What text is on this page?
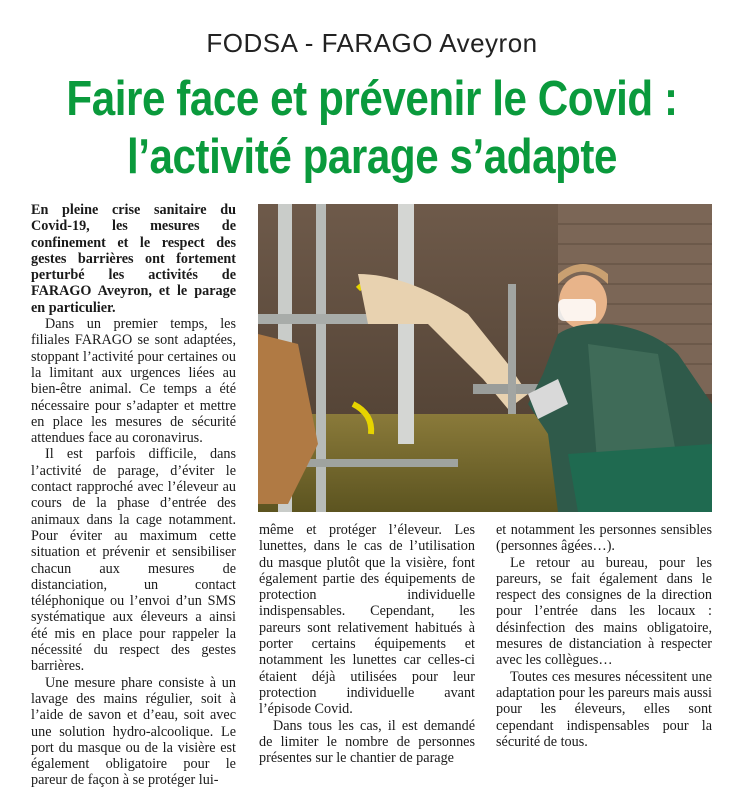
FODSA - FARAGO Aveyron
Faire face et prévenir le Covid :
l’activité parage s’adapte

En pleine crise sanitaire du Covid-19, les mesures de confinement et le respect des gestes barrières ont fortement perturbé les activités de FARAGO Aveyron, et le parage en particulier.

Dans un premier temps, les filiales FARAGO se sont adaptées, stoppant l’activité pour certaines ou la limitant aux urgences liées au bien-être animal. Ce temps a été nécessaire pour s’adapter et mettre en place les mesures de sécurité attendues face au coronavirus.

Il est parfois difficile, dans l’activité de parage, d’éviter le contact rapproché avec l’éleveur au cours de la phase d’entrée des animaux dans la cage notamment. Pour éviter au maximum cette situation et prévenir et sensibiliser chacun aux mesures de distanciation, un contact téléphonique ou l’envoi d’un SMS systématique aux éleveurs a ainsi été mis en place pour rappeler la nécessité du respect des gestes barrières.

Une mesure phare consiste à un lavage des mains régulier, soit à l’aide de savon et d’eau, soit avec une solution hydro-alcoolique. Le port du masque ou de la visière est également obligatoire pour le pareur de façon à se protéger lui-

même et protéger l’éleveur. Les lunettes, dans le cas de l’utilisation du masque plutôt que la visière, font également partie des équipements de protection individuelle indispensables. Cependant, les pareurs sont relativement habitués à porter certains équipements et notamment les lunettes car celles-ci étaient déjà utilisées pour leur protection individuelle avant l’épisode Covid.

Dans tous les cas, il est demandé de limiter le nombre de personnes présentes sur le chantier de parage

et notamment les personnes sensibles (personnes âgées…).

Le retour au bureau, pour les pareurs, se fait également dans le respect des consignes de la direction pour l’entrée dans les locaux : désinfection des mains obligatoire, mesures de distanciation à respecter avec les collègues…

Toutes ces mesures nécessitent une adaptation pour les pareurs mais aussi pour les éleveurs, elles sont cependant indispensables pour la sécurité de tous.
